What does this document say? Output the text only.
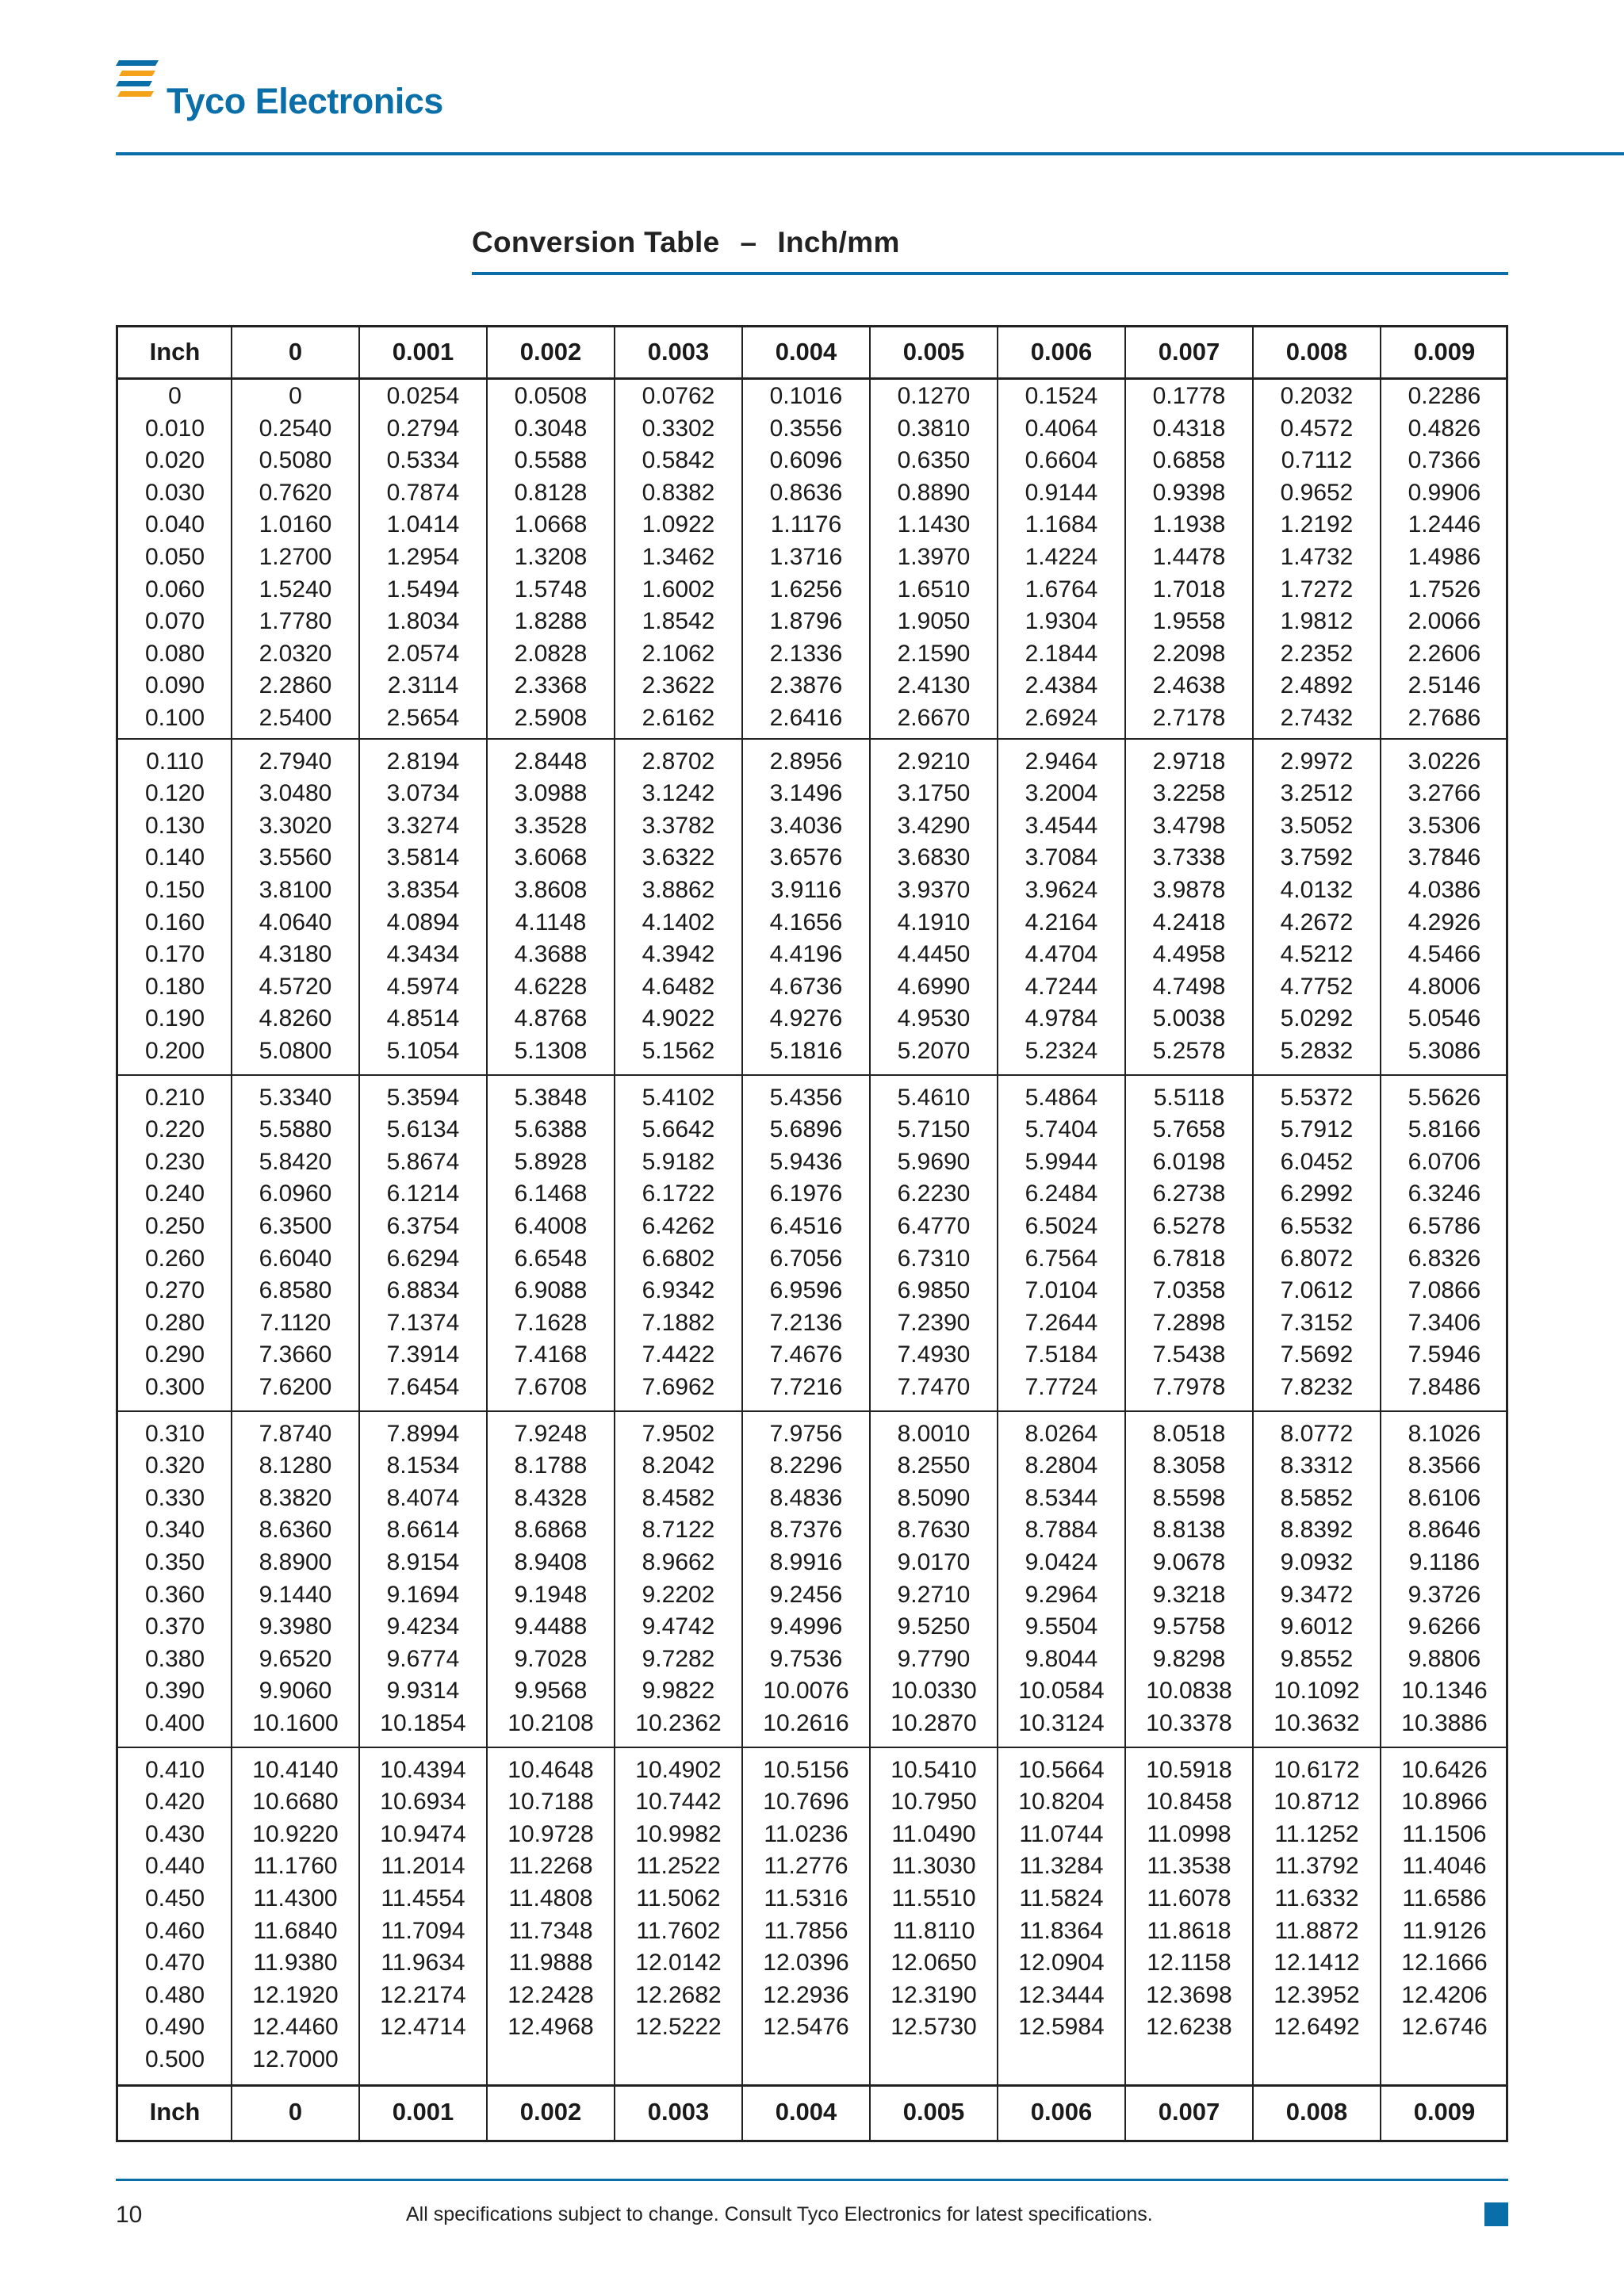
Tyco Electronics
Conversion Table – Inch/mm
Inch	0	0.001	0.002	0.003	0.004	0.005	0.006	0.007	0.008	0.009
0	0	0.0254	0.0508	0.0762	0.1016	0.1270	0.1524	0.1778	0.2032	0.2286
0.010	0.2540	0.2794	0.3048	0.3302	0.3556	0.3810	0.4064	0.4318	0.4572	0.4826
0.020	0.5080	0.5334	0.5588	0.5842	0.6096	0.6350	0.6604	0.6858	0.7112	0.7366
0.030	0.7620	0.7874	0.8128	0.8382	0.8636	0.8890	0.9144	0.9398	0.9652	0.9906
0.040	1.0160	1.0414	1.0668	1.0922	1.1176	1.1430	1.1684	1.1938	1.2192	1.2446
0.050	1.2700	1.2954	1.3208	1.3462	1.3716	1.3970	1.4224	1.4478	1.4732	1.4986
0.060	1.5240	1.5494	1.5748	1.6002	1.6256	1.6510	1.6764	1.7018	1.7272	1.7526
0.070	1.7780	1.8034	1.8288	1.8542	1.8796	1.9050	1.9304	1.9558	1.9812	2.0066
0.080	2.0320	2.0574	2.0828	2.1062	2.1336	2.1590	2.1844	2.2098	2.2352	2.2606
0.090	2.2860	2.3114	2.3368	2.3622	2.3876	2.4130	2.4384	2.4638	2.4892	2.5146
0.100	2.5400	2.5654	2.5908	2.6162	2.6416	2.6670	2.6924	2.7178	2.7432	2.7686
0.110	2.7940	2.8194	2.8448	2.8702	2.8956	2.9210	2.9464	2.9718	2.9972	3.0226
0.120	3.0480	3.0734	3.0988	3.1242	3.1496	3.1750	3.2004	3.2258	3.2512	3.2766
0.130	3.3020	3.3274	3.3528	3.3782	3.4036	3.4290	3.4544	3.4798	3.5052	3.5306
0.140	3.5560	3.5814	3.6068	3.6322	3.6576	3.6830	3.7084	3.7338	3.7592	3.7846
0.150	3.8100	3.8354	3.8608	3.8862	3.9116	3.9370	3.9624	3.9878	4.0132	4.0386
0.160	4.0640	4.0894	4.1148	4.1402	4.1656	4.1910	4.2164	4.2418	4.2672	4.2926
0.170	4.3180	4.3434	4.3688	4.3942	4.4196	4.4450	4.4704	4.4958	4.5212	4.5466
0.180	4.5720	4.5974	4.6228	4.6482	4.6736	4.6990	4.7244	4.7498	4.7752	4.8006
0.190	4.8260	4.8514	4.8768	4.9022	4.9276	4.9530	4.9784	5.0038	5.0292	5.0546
0.200	5.0800	5.1054	5.1308	5.1562	5.1816	5.2070	5.2324	5.2578	5.2832	5.3086
0.210	5.3340	5.3594	5.3848	5.4102	5.4356	5.4610	5.4864	5.5118	5.5372	5.5626
0.220	5.5880	5.6134	5.6388	5.6642	5.6896	5.7150	5.7404	5.7658	5.7912	5.8166
0.230	5.8420	5.8674	5.8928	5.9182	5.9436	5.9690	5.9944	6.0198	6.0452	6.0706
0.240	6.0960	6.1214	6.1468	6.1722	6.1976	6.2230	6.2484	6.2738	6.2992	6.3246
0.250	6.3500	6.3754	6.4008	6.4262	6.4516	6.4770	6.5024	6.5278	6.5532	6.5786
0.260	6.6040	6.6294	6.6548	6.6802	6.7056	6.7310	6.7564	6.7818	6.8072	6.8326
0.270	6.8580	6.8834	6.9088	6.9342	6.9596	6.9850	7.0104	7.0358	7.0612	7.0866
0.280	7.1120	7.1374	7.1628	7.1882	7.2136	7.2390	7.2644	7.2898	7.3152	7.3406
0.290	7.3660	7.3914	7.4168	7.4422	7.4676	7.4930	7.5184	7.5438	7.5692	7.5946
0.300	7.6200	7.6454	7.6708	7.6962	7.7216	7.7470	7.7724	7.7978	7.8232	7.8486
0.310	7.8740	7.8994	7.9248	7.9502	7.9756	8.0010	8.0264	8.0518	8.0772	8.1026
0.320	8.1280	8.1534	8.1788	8.2042	8.2296	8.2550	8.2804	8.3058	8.3312	8.3566
0.330	8.3820	8.4074	8.4328	8.4582	8.4836	8.5090	8.5344	8.5598	8.5852	8.6106
0.340	8.6360	8.6614	8.6868	8.7122	8.7376	8.7630	8.7884	8.8138	8.8392	8.8646
0.350	8.8900	8.9154	8.9408	8.9662	8.9916	9.0170	9.0424	9.0678	9.0932	9.1186
0.360	9.1440	9.1694	9.1948	9.2202	9.2456	9.2710	9.2964	9.3218	9.3472	9.3726
0.370	9.3980	9.4234	9.4488	9.4742	9.4996	9.5250	9.5504	9.5758	9.6012	9.6266
0.380	9.6520	9.6774	9.7028	9.7282	9.7536	9.7790	9.8044	9.8298	9.8552	9.8806
0.390	9.9060	9.9314	9.9568	9.9822	10.0076	10.0330	10.0584	10.0838	10.1092	10.1346
0.400	10.1600	10.1854	10.2108	10.2362	10.2616	10.2870	10.3124	10.3378	10.3632	10.3886
0.410	10.4140	10.4394	10.4648	10.4902	10.5156	10.5410	10.5664	10.5918	10.6172	10.6426
0.420	10.6680	10.6934	10.7188	10.7442	10.7696	10.7950	10.8204	10.8458	10.8712	10.8966
0.430	10.9220	10.9474	10.9728	10.9982	11.0236	11.0490	11.0744	11.0998	11.1252	11.1506
0.440	11.1760	11.2014	11.2268	11.2522	11.2776	11.3030	11.3284	11.3538	11.3792	11.4046
0.450	11.4300	11.4554	11.4808	11.5062	11.5316	11.5510	11.5824	11.6078	11.6332	11.6586
0.460	11.6840	11.7094	11.7348	11.7602	11.7856	11.8110	11.8364	11.8618	11.8872	11.9126
0.470	11.9380	11.9634	11.9888	12.0142	12.0396	12.0650	12.0904	12.1158	12.1412	12.1666
0.480	12.1920	12.2174	12.2428	12.2682	12.2936	12.3190	12.3444	12.3698	12.3952	12.4206
0.490	12.4460	12.4714	12.4968	12.5222	12.5476	12.5730	12.5984	12.6238	12.6492	12.6746
0.500	12.7000
Inch	0	0.001	0.002	0.003	0.004	0.005	0.006	0.007	0.008	0.009
10	All specifications subject to change. Consult Tyco Electronics for latest specifications.
